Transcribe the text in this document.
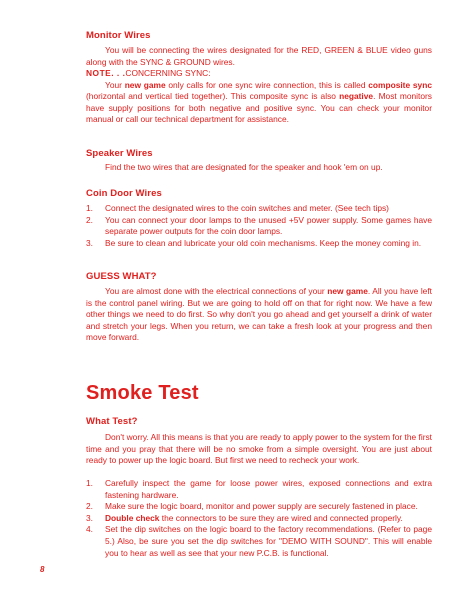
Monitor Wires
You will be connecting the wires designated for the RED, GREEN & BLUE video guns along with the SYNC & GROUND wires.
NOTE. . .CONCERNING SYNC:
Your new game only calls for one sync wire connection, this is called composite sync (horizontal and vertical tied together). This composite sync is also negative. Most monitors have supply positions for both negative and positive sync. You can check your monitor manual or call our technical department for assistance.
Speaker Wires
Find the two wires that are designated for the speaker and hook 'em on up.
Coin Door Wires
1. Connect the designated wires to the coin switches and meter. (See tech tips)
2. You can connect your door lamps to the unused +5V power supply. Some games have separate power outputs for the coin door lamps.
3. Be sure to clean and lubricate your old coin mechanisms. Keep the money coming in.
GUESS WHAT?
You are almost done with the electrical connections of your new game. All you have left is the control panel wiring. But we are going to hold off on that for right now. We have a few other things we need to do first. So why don't you go ahead and get yourself a drink of water and stretch your legs. When you return, we can take a fresh look at your progress and then move forward.
Smoke Test
What Test?
Don't worry. All this means is that you are ready to apply power to the system for the first time and you pray that there will be no smoke from a simple oversight. You are just about ready to power up the logic board. But first we need to recheck your work.
1. Carefully inspect the game for loose power wires, exposed connections and extra fastening hardware.
2. Make sure the logic board, monitor and power supply are securely fastened in place.
3. Double check the connectors to be sure they are wired and connected properly.
4. Set the dip switches on the logic board to the factory recommendations. (Refer to page 5.) Also, be sure you set the dip switches for "DEMO WITH SOUND". This will enable you to hear as well as see that your new P.C.B. is functional.
8
